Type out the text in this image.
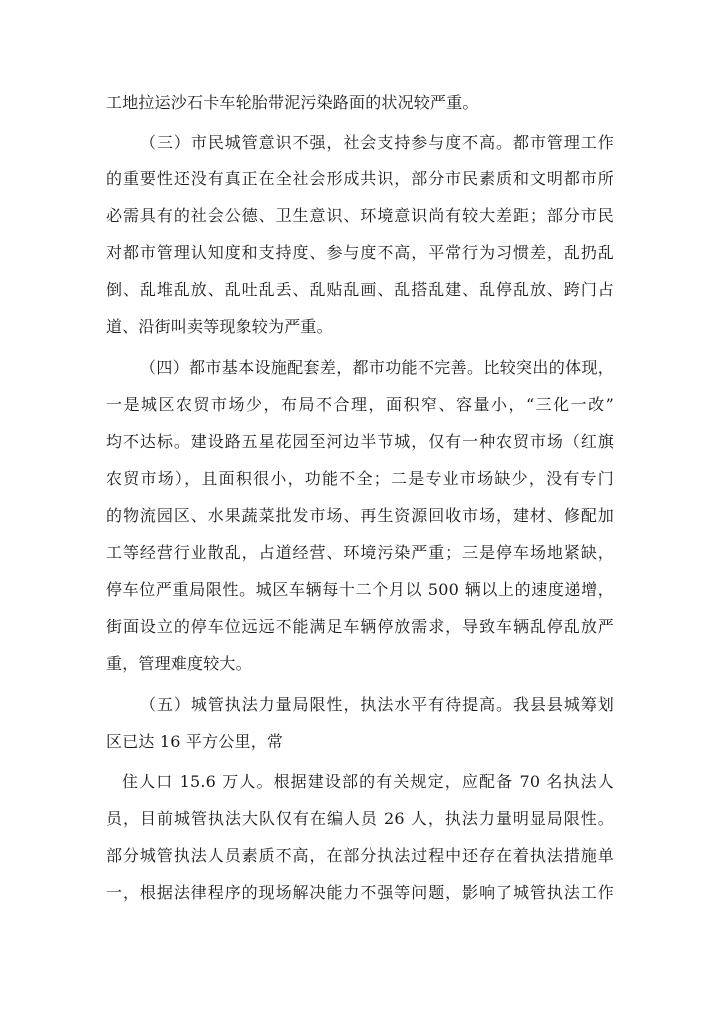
工地拉运沙石卡车轮胎带泥污染路面的状况较严重。
（三）市民城管意识不强，社会支持参与度不高。都市管理工作
的重要性还没有真正在全社会形成共识，部分市民素质和文明都市所
必需具有的社会公德、卫生意识、环境意识尚有较大差距；部分市民
对都市管理认知度和支持度、参与度不高，平常行为习惯差，乱扔乱
倒、乱堆乱放、乱吐乱丢、乱贴乱画、乱搭乱建、乱停乱放、跨门占
道、沿街叫卖等现象较为严重。
（四）都市基本设施配套差，都市功能不完善。比较突出的体现，
一是城区农贸市场少，布局不合理，面积窄、容量小，“三化一改”
均不达标。建设路五星花园至河边半节城，仅有一种农贸市场（红旗
农贸市场），且面积很小，功能不全；二是专业市场缺少，没有专门
的物流园区、水果蔬菜批发市场、再生资源回收市场，建材、修配加
工等经营行业散乱，占道经营、环境污染严重；三是停车场地紧缺，
停车位严重局限性。城区车辆每十二个月以 500 辆以上的速度递增，
街面设立的停车位远远不能满足车辆停放需求，导致车辆乱停乱放严
重，管理难度较大。
（五）城管执法力量局限性，执法水平有待提高。我县县城筹划
区已达 16 平方公里，常
住人口 15.6 万人。根据建设部的有关规定，应配备 70 名执法人
员，目前城管执法大队仅有在编人员 26 人，执法力量明显局限性。
部分城管执法人员素质不高，在部分执法过程中还存在着执法措施单
一，根据法律程序的现场解决能力不强等问题，影响了城管执法工作
